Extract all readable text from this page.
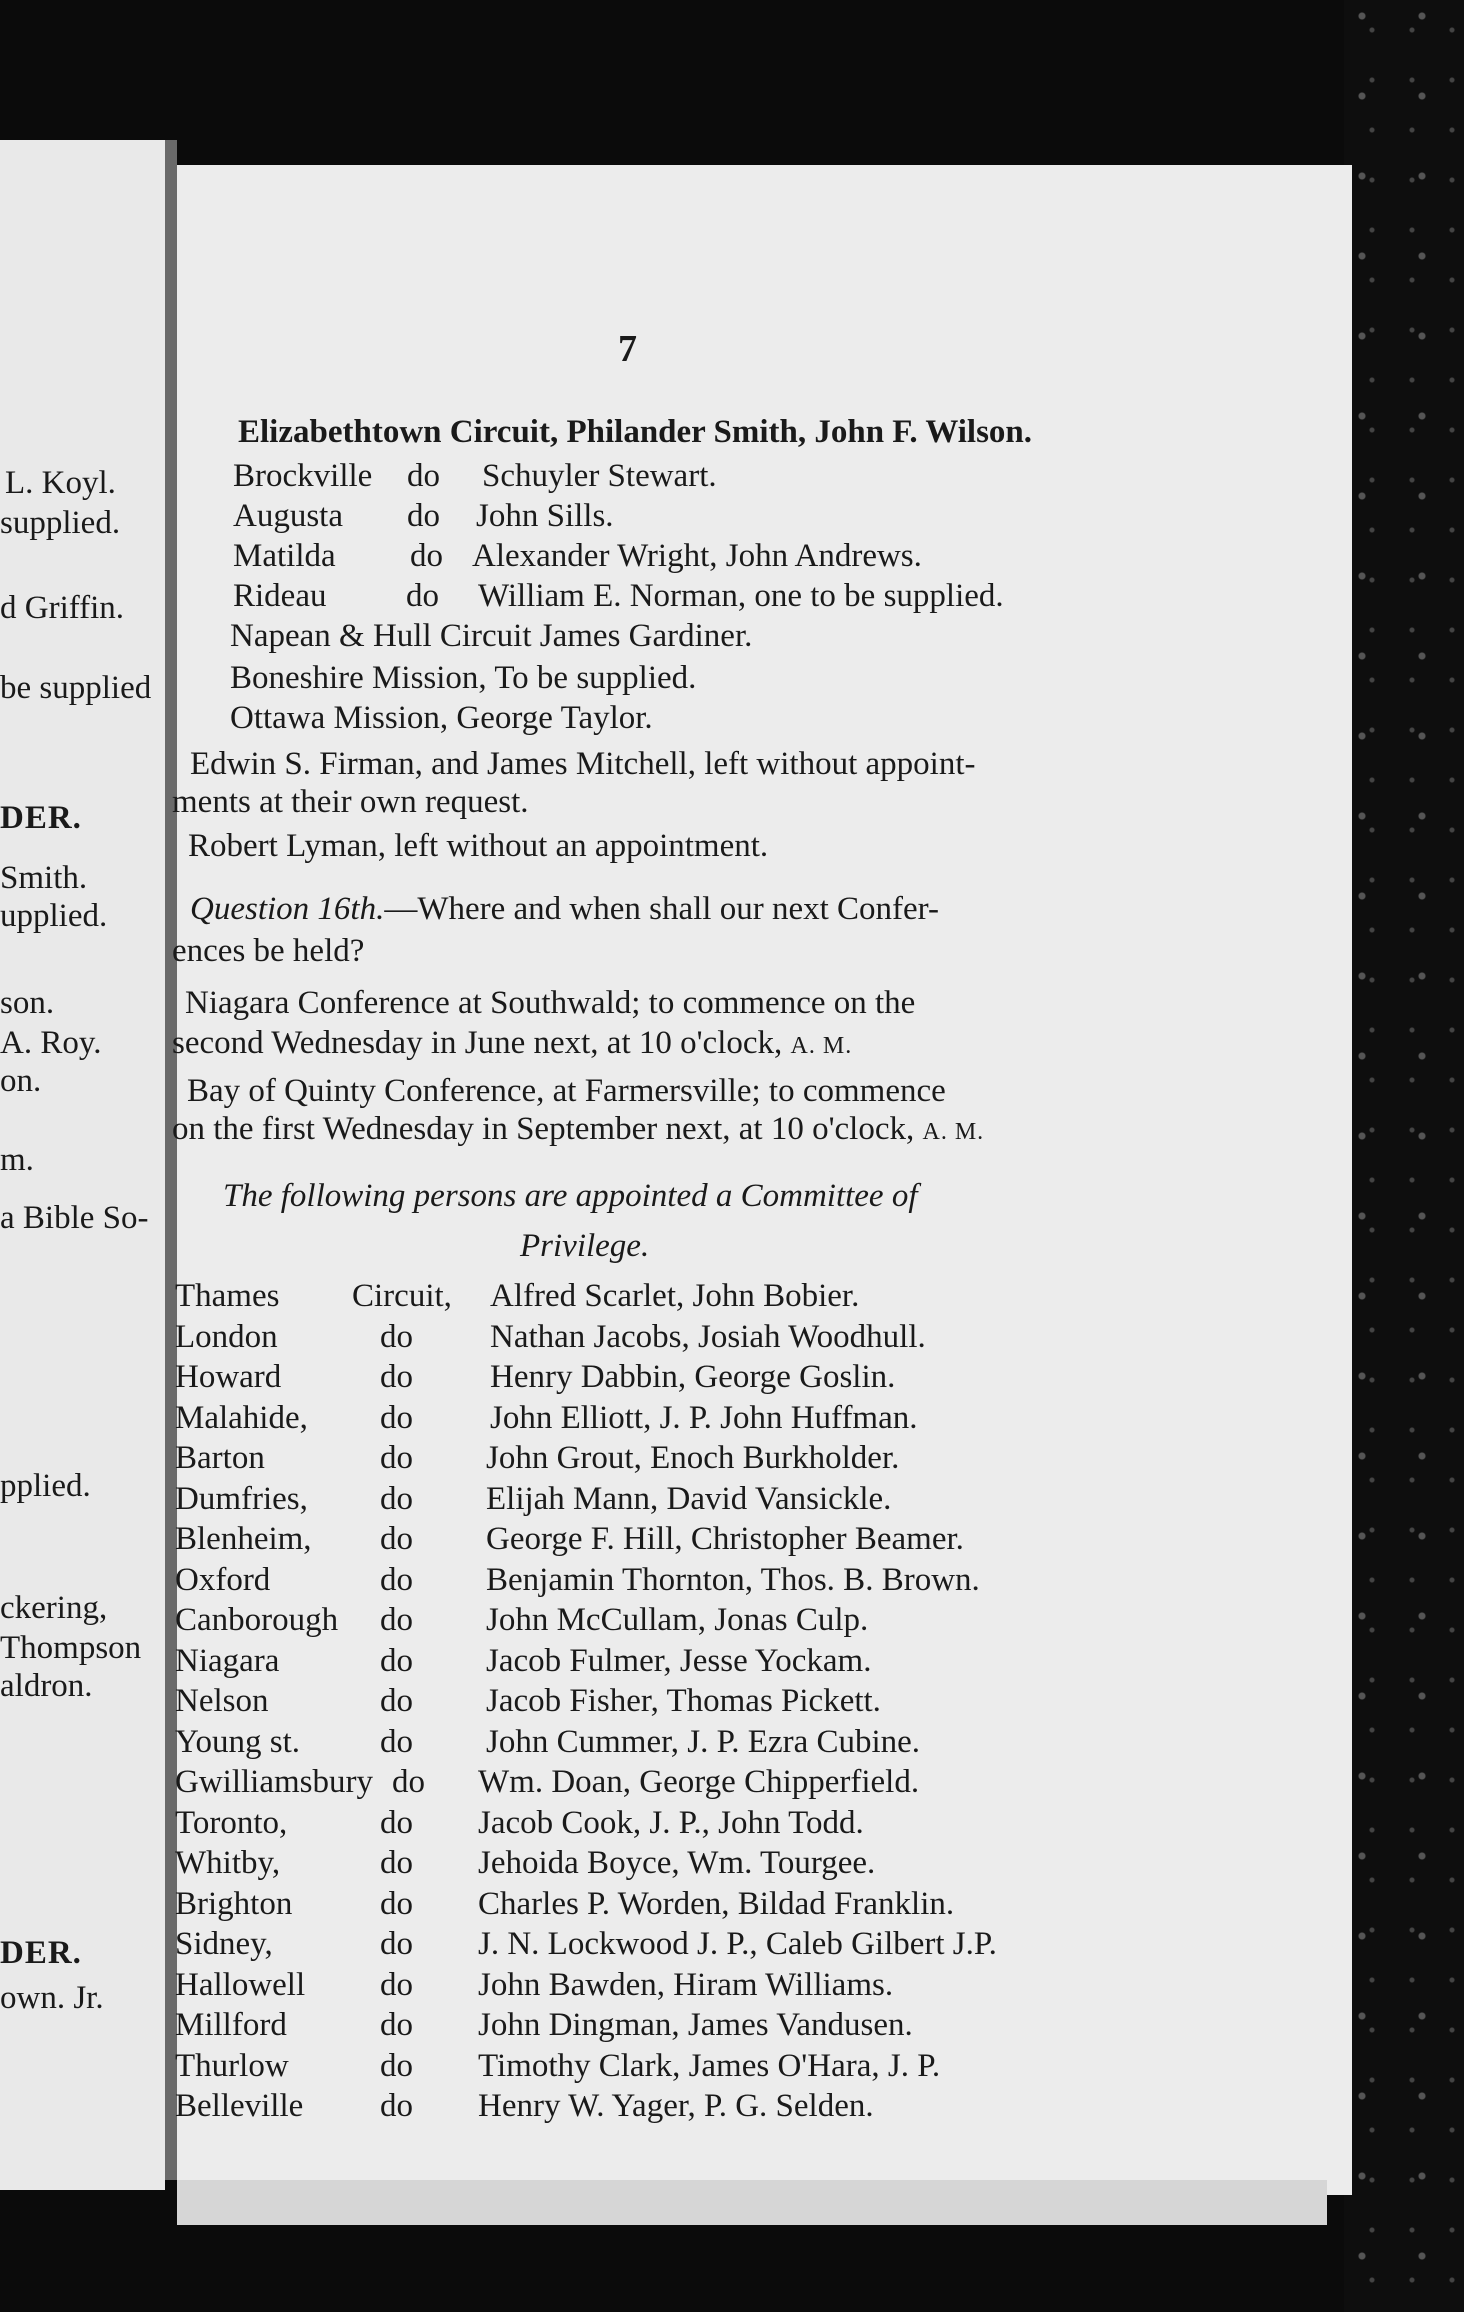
L. Koyl.
supplied.
d Griffin.
be supplied
DER.
Smith.
upplied.
son.
A. Roy.
on.
m.
a Bible So-
pplied.
ckering,
Thompson
aldron.
DER.
own. Jr.
7
Elizabethtown Circuit, Philander Smith, John F. Wilson.
Brockville do Schuyler Stewart.
Augusta do John Sills.
Matilda do Alexander Wright, John Andrews.
Rideau do William E. Norman, one to be supplied.
Napean & Hull Circuit James Gardiner.
Boneshire Mission, To be supplied.
Ottawa Mission, George Taylor.
Edwin S. Firman, and James Mitchell, left without appoint-
ments at their own request.
Robert Lyman, left without an appointment.
Question 16th.—Where and when shall our next Confer-
ences be held?
Niagara Conference at Southwald; to commence on the
second Wednesday in June next, at 10 o'clock, A. M.
Bay of Quinty Conference, at Farmersville; to commence
on the first Wednesday in September next, at 10 o'clock, A. M.
The following persons are appointed a Committee of
Privilege.
Thames Circuit, Alfred Scarlet, John Bobier.
London	do Nathan Jacobs, Josiah Woodhull.
Howard	do Henry Dabbin, George Goslin.
Malahide, do John Elliott, J. P. John Huffman.
Barton	do John Grout, Enoch Burkholder.
Dumfries, do Elijah Mann, David Vansickle.
Blenheim, do George F. Hill, Christopher Beamer.
Oxford	do Benjamin Thornton, Thos. B. Brown.
Canborough do John McCullam, Jonas Culp.
Niagara	do Jacob Fulmer, Jesse Yockam.
Nelson	do Jacob Fisher, Thomas Pickett.
Young st. do John Cummer, J. P. Ezra Cubine.
Gwilliamsbury do Wm. Doan, George Chipperfield.
Toronto,	do Jacob Cook, J. P., John Todd.
Whitby,	do Jehoida Boyce, Wm. Tourgee.
Brighton	do Charles P. Worden, Bildad Franklin.
Sidney,	do J. N. Lockwood J. P., Caleb Gilbert J.P.
Hallowell do John Bawden, Hiram Williams.
Millford	do John Dingman, James Vandusen.
Thurlow	do Timothy Clark, James O'Hara, J. P.
Belleville do Henry W. Yager, P. G. Selden.
